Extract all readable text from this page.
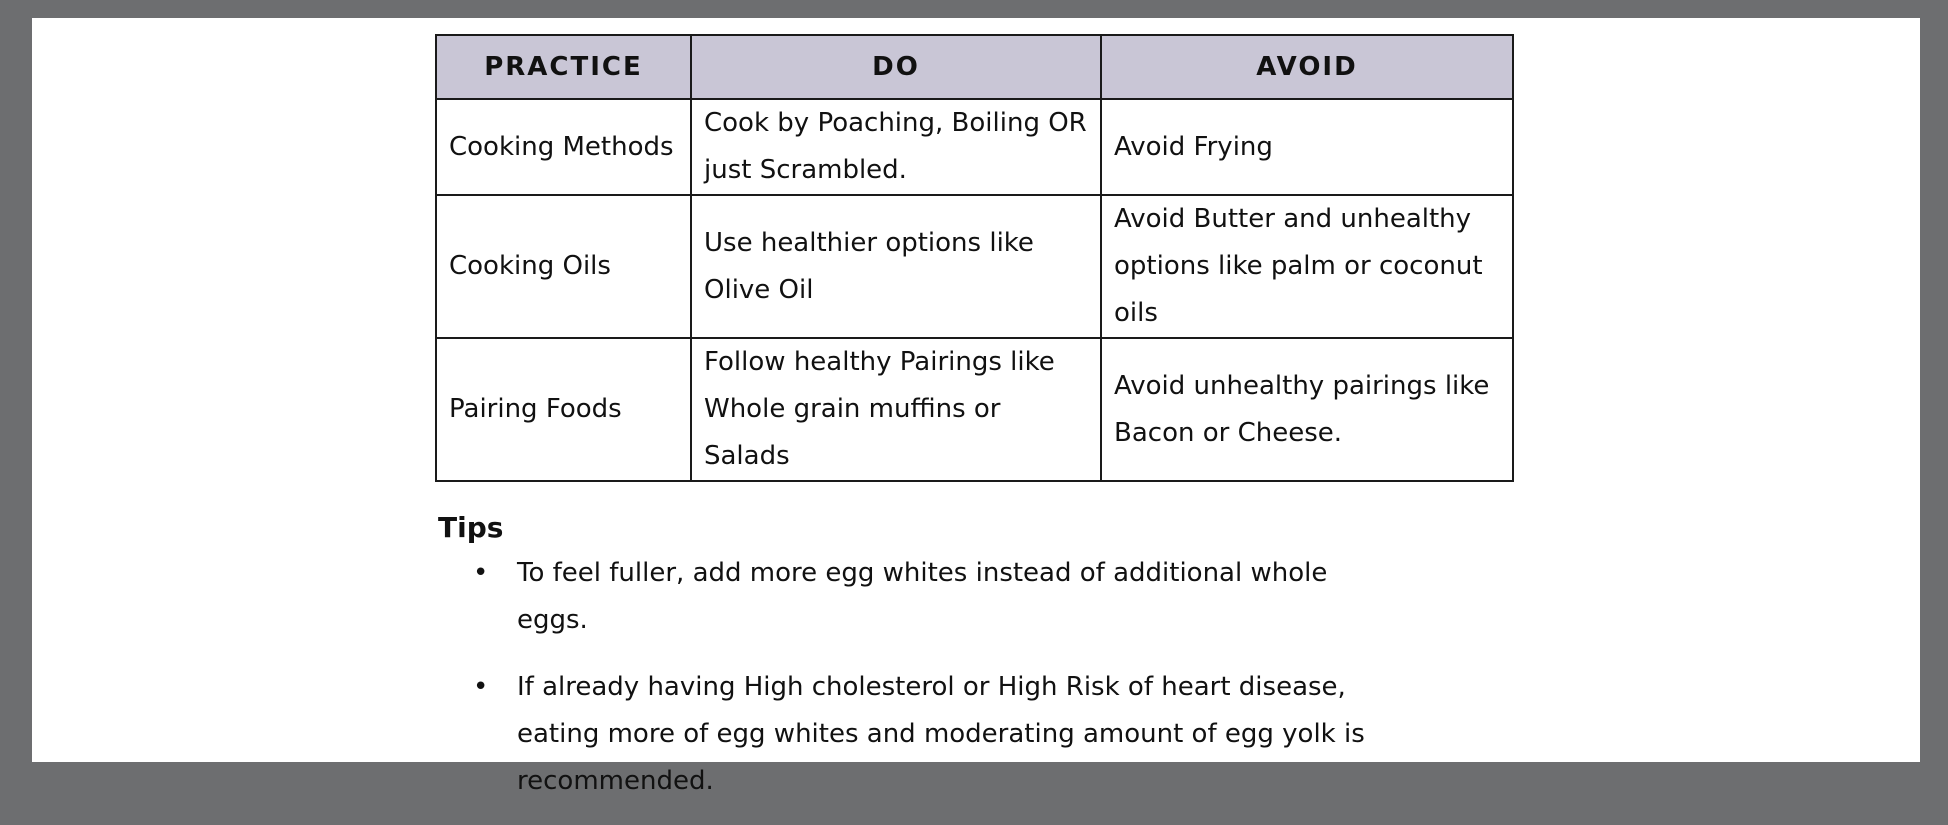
PRACTICE	DO	AVOID
Cooking Methods	Cook by Poaching, Boiling OR just Scrambled.	Avoid Frying
Cooking Oils	Use healthier options like Olive Oil	Avoid Butter and unhealthy options like palm or coconut oils
Pairing Foods	Follow healthy Pairings like Whole grain muffins or Salads	Avoid unhealthy pairings like Bacon or Cheese.
Tips
• To feel fuller, add more egg whites instead of additional whole eggs.
• If already having High cholesterol or High Risk of heart disease, eating more of egg whites and moderating amount of egg yolk is recommended.
